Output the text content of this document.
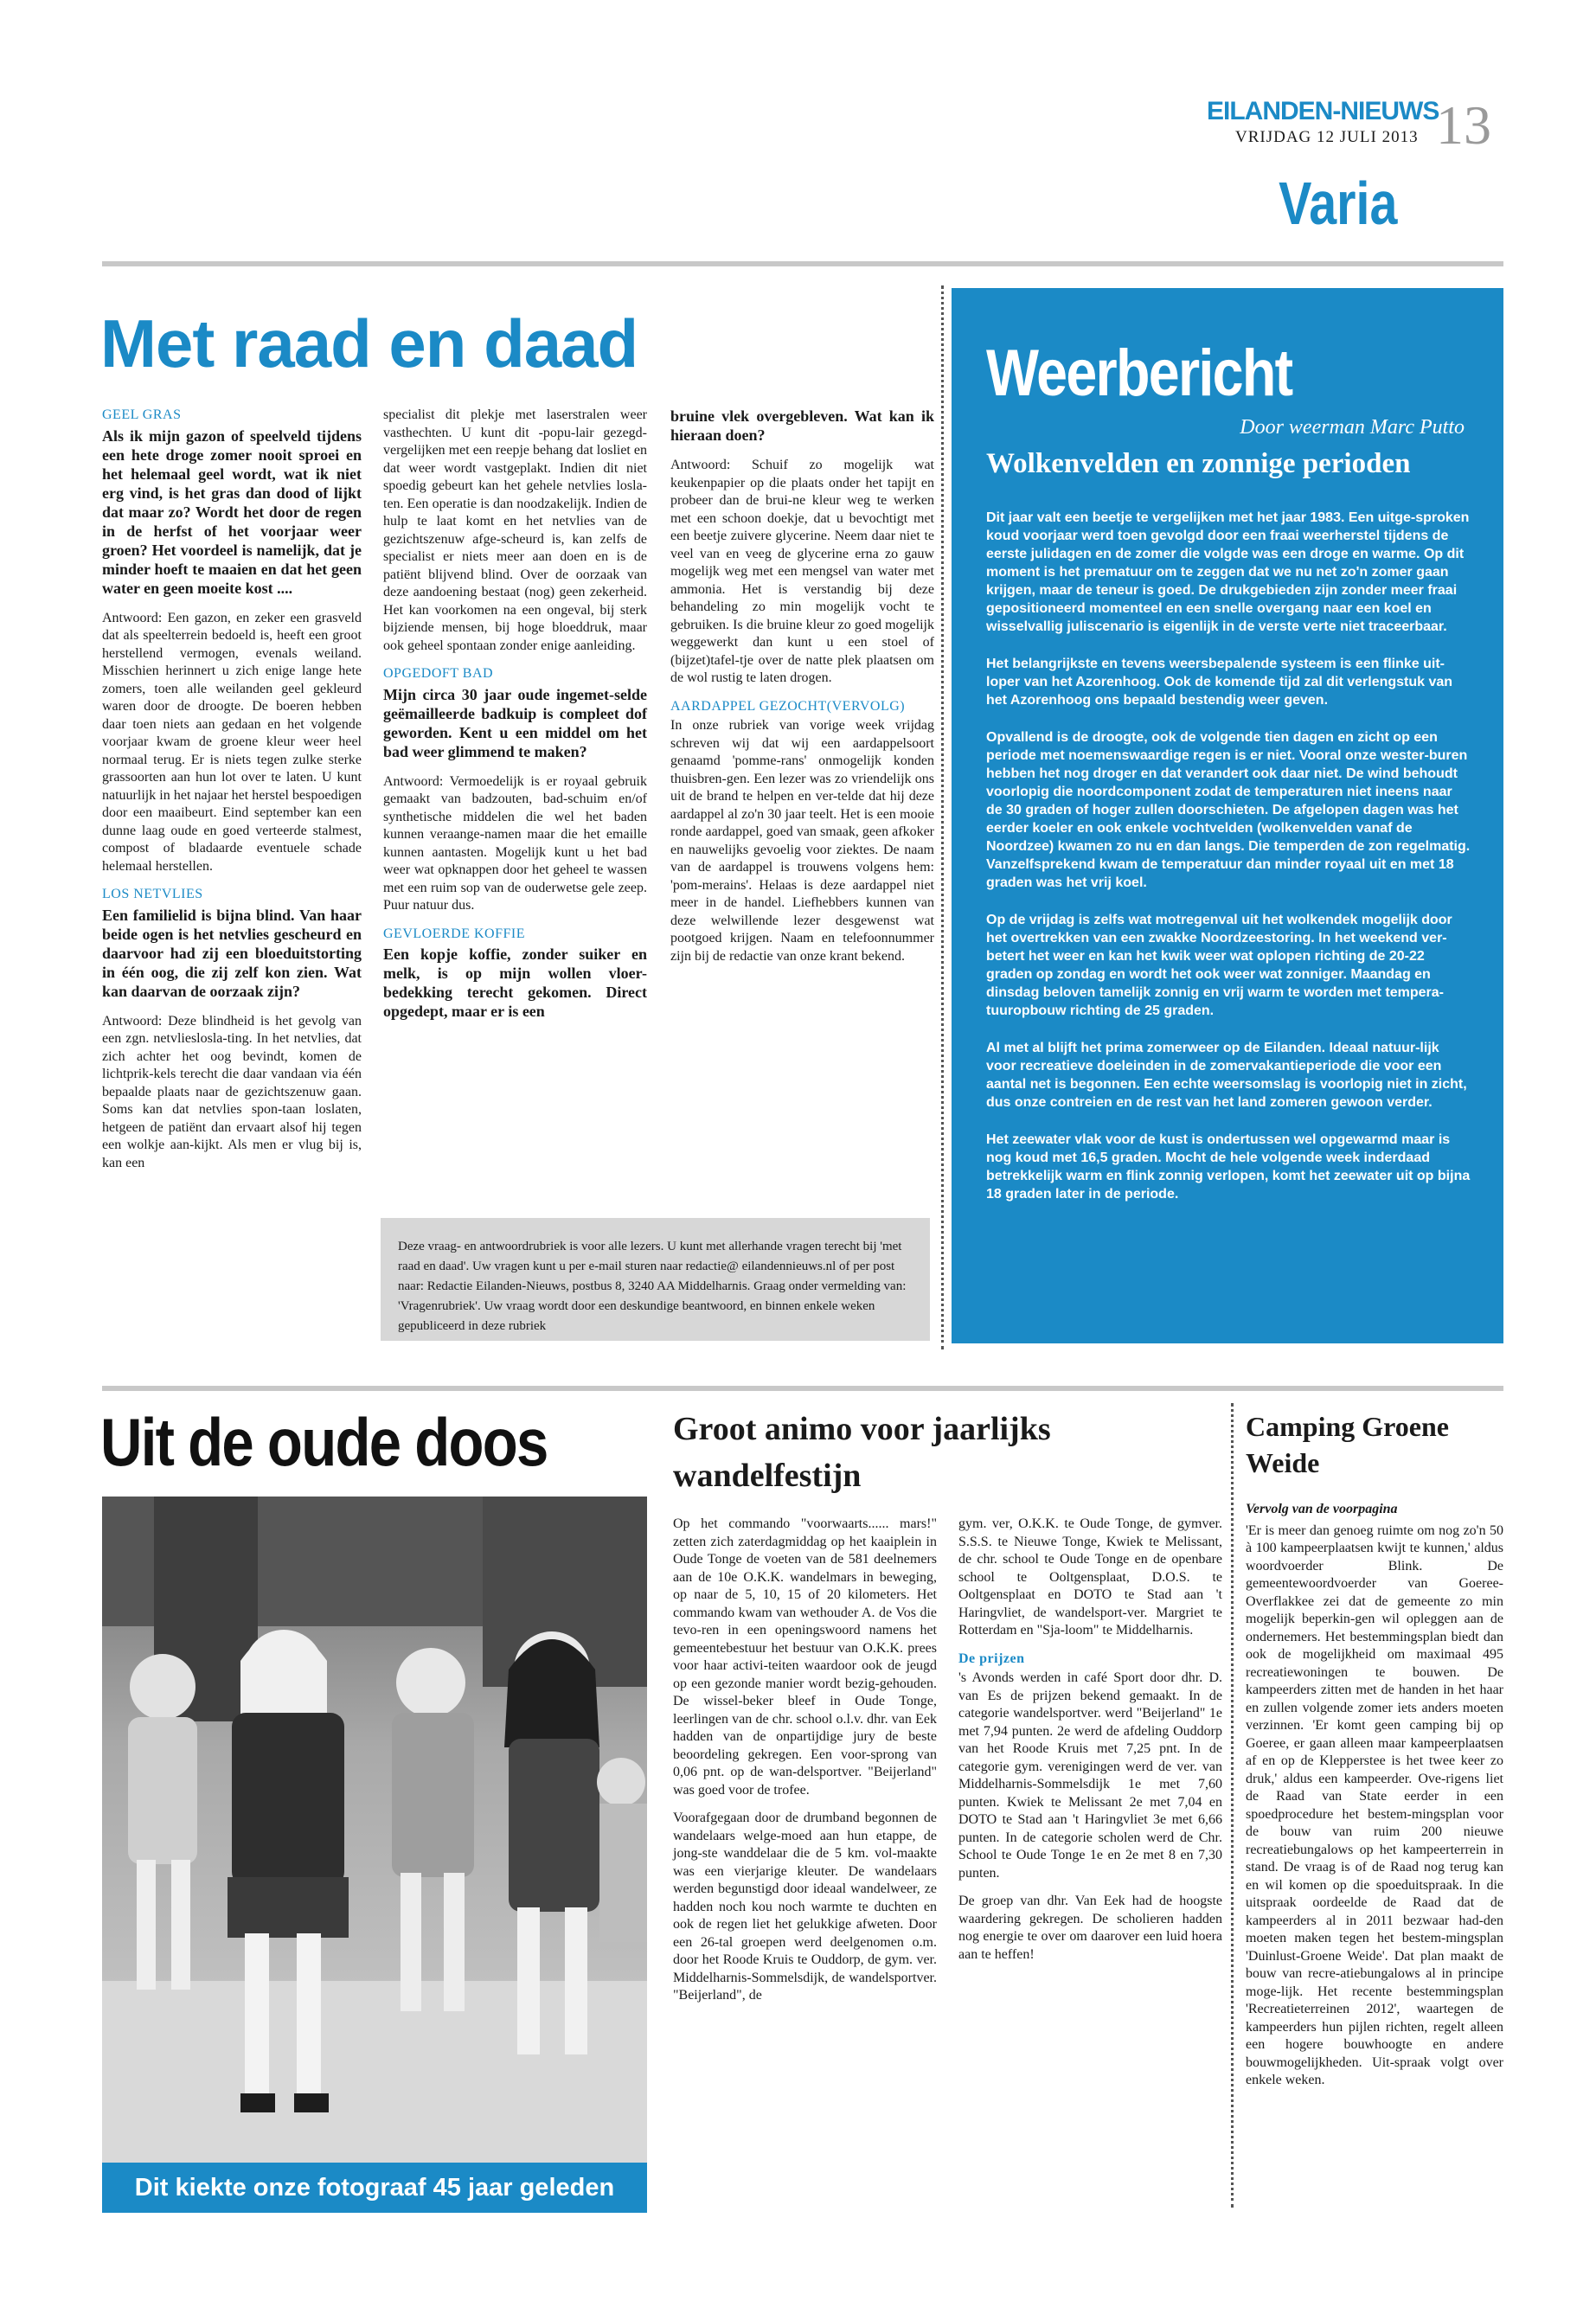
EILANDEN-NIEUWS
VRIJDAG 12 JULI 2013 13
Varia
Met raad en daad
GEEL GRAS
Als ik mijn gazon of speelveld tijdens een hete droge zomer nooit sproei en het helemaal geel wordt, wat ik niet erg vind, is het gras dan dood of lijkt dat maar zo? Wordt het door de regen in de herfst of het voorjaar weer groen? Het voordeel is namelijk, dat je minder hoeft te maaien en dat het geen water en geen moeite kost ....

Antwoord: Een gazon, en zeker een grasveld dat als speelterrein bedoeld is, heeft een groot herstellend vermogen, evenals weiland. Misschien herinnert u zich enige lange hete zomers, toen alle weilanden geel gekleurd waren door de droogte. De boeren hebben daar toen niets aan gedaan en het volgende voorjaar kwam de groene kleur weer heel normaal terug. Er is niets tegen zulke sterke grassoorten aan hun lot over te laten. U kunt natuurlijk in het najaar het herstel bespoedigen door een maaibeurt. Eind september kan een dunne laag oude en goed verteerde stalmest, compost of bladaarde eventuele schade helemaal herstellen.

LOS NETVLIES
Een familielid is bijna blind. Van haar beide ogen is het netvlies gescheurd en daarvoor had zij een bloeduitstorting in één oog, die zij zelf kon zien. Wat kan daarvan de oorzaak zijn?

Antwoord: Deze blindheid is het gevolg van een zgn. netvlieslosla-ting. In het netvlies, dat zich achter het oog bevindt, komen de lichtprik-kels terecht die daar vandaan via één bepaalde plaats naar de gezichtszenuw gaan. Soms kan dat netvlies spon-taan loslaten, hetgeen de patiënt dan ervaart alsof hij tegen een wolkje aan-kijkt. Als men er vlug bij is, kan een

specialist dit plekje met laserstralen weer vasthechten. U kunt dit -popu-lair gezegd- vergelijken met een reepje behang dat losliet en dat weer wordt vastgeplakt. Indien dit niet spoedig gebeurt kan het gehele netvlies losla-ten. Een operatie is dan noodzakelijk. Indien de hulp te laat komt en het netvlies van de gezichtszenuw afge-scheurd is, kan zelfs de specialist er niets meer aan doen en is de patiënt blijvend blind. Over de oorzaak van deze aandoening bestaat (nog) geen zekerheid. Het kan voorkomen na een ongeval, bij sterk bijziende mensen, bij hoge bloeddruk, maar ook geheel spontaan zonder enige aanleiding.

OPGEDOFT BAD
Mijn circa 30 jaar oude ingemet-selde geëmailleerde badkuip is compleet dof geworden. Kent u een middel om het bad weer glimmend te maken?

Antwoord: Vermoedelijk is er royaal gebruik gemaakt van badzouten, bad-schuim en/of synthetische middelen die wel het baden kunnen veraange-namen maar die het emaille kunnen aantasten. Mogelijk kunt u het bad weer wat opknappen door het geheel te wassen met een ruim sop van de ouderwetse gele zeep. Puur natuur dus.

GEVLOERDE KOFFIE
Een kopje koffie, zonder suiker en melk, is op mijn wollen vloer-bedekking terecht gekomen. Direct opgedept, maar er is een
bruine vlek overgebleven. Wat kan ik hieraan doen?

Antwoord: Schuif zo mogelijk wat keukenpapier op die plaats onder het tapijt en probeer dan de brui-ne kleur weg te werken met een schoon doekje, dat u bevochtigt met een beetje zuivere glycerine. Neem daar niet te veel van en veeg de glycerine erna zo gauw mogelijk weg met een mengsel van water met ammonia. Het is verstandig bij deze behandeling zo min mogelijk vocht te gebruiken. Is die bruine kleur zo goed mogelijk weggewerkt dan kunt u een stoel of (bijzet)tafel-tje over de natte plek plaatsen om de wol rustig te laten drogen.

AARDAPPEL GEZOCHT(VERVOLG)

In onze rubriek van vorige week vrijdag schreven wij dat wij een aardappelsoort genaamd 'pomme-rans' onmogelijk konden thuisbren-gen. Een lezer was zo vriendelijk ons uit de brand te helpen en ver-telde dat hij deze aardappel al zo'n 30 jaar teelt. Het is een mooie ronde aardappel, goed van smaak, geen afkoker en nauwelijks gevoelig voor ziektes. De naam van de aardappel is trouwens volgens hem: 'pom-merains'. Helaas is deze aardappel niet meer in de handel. Liefhebbers kunnen van deze welwillende lezer desgewenst wat pootgoed krijgen. Naam en telefoonnummer zijn bij de redactie van onze krant bekend.

Deze vraag- en antwoordrubriek is voor alle lezers. U kunt met allerhande vragen terecht bij 'met raad en daad'. Uw vragen kunt u per e-mail sturen naar redactie@ eilandennieuws.nl of per post naar: Redactie Eilanden-Nieuws, postbus 8, 3240 AA Middelharnis. Graag onder vermelding van: 'Vragenrubriek'. Uw vraag wordt door een deskundige beantwoord, en binnen enkele weken gepubliceerd in deze rubriek
Weerbericht
Door weerman Marc Putto
Wolkenvelden en zonnige perioden

Dit jaar valt een beetje te vergelijken met het jaar 1983. Een uitge-sproken koud voorjaar werd toen gevolgd door een fraai weerherstel tijdens de eerste julidagen en de zomer die volgde was een droge en warme. Op dit moment is het prematuur om te zeggen dat we nu net zo'n zomer gaan krijgen, maar de teneur is goed. De drukgebieden zijn zonder meer fraai gepositioneerd momenteel en een snelle overgang naar een koel en wisselvallig juliscenario is eigenlijk in de verste verte niet traceerbaar.

Het belangrijkste en tevens weersbepalende systeem is een flinke uit-loper van het Azorenhoog. Ook de komende tijd zal dit verlengstuk van het Azorenhoog ons bepaald bestendig weer geven.

Opvallend is de droogte, ook de volgende tien dagen en zicht op een periode met noemenswaardige regen is er niet. Vooral onze wester-buren hebben het nog droger en dat verandert ook daar niet. De wind behoudt voorlopig die noordcomponent zodat de temperaturen niet ineens naar de 30 graden of hoger zullen doorschieten. De afgelopen dagen was het eerder koeler en ook enkele vochtvelden (wolkenvelden vanaf de Noordzee) kwamen zo nu en dan langs. Die temperden de zon regelmatig. Vanzelfsprekend kwam de temperatuur dan minder royaal uit en met 18 graden was het vrij koel.

Op de vrijdag is zelfs wat motregenval uit het wolkendek mogelijk door het overtrekken van een zwakke Noordzeestoring. In het weekend ver-betert het weer en kan het kwik weer wat oplopen richting de 20-22 graden op zondag en wordt het ook weer wat zonniger. Maandag en dinsdag beloven tamelijk zonnig en vrij warm te worden met tempera-tuuropbouw richting de 25 graden.

Al met al blijft het prima zomerweer op de Eilanden. Ideaal natuur-lijk voor recreatieve doeleinden in de zomervakantieperiode die voor een aantal net is begonnen. Een echte weersomslag is voorlopig niet in zicht, dus onze contreien en de rest van het land zomeren gewoon verder.

Het zeewater vlak voor de kust is ondertussen wel opgewarmd maar is nog koud met 16,5 graden. Mocht de hele volgende week inderdaad betrekkelijk warm en flink zonnig verlopen, komt het zeewater uit op bijna 18 graden later in de periode.

Uit de oude doos
Dit kiekte onze fotograaf 45 jaar geleden
Groot animo voor jaarlijks wandelfestijn

Op het commando "voorwaarts...... mars!" zetten zich zaterdagmiddag op het kaaiplein in Oude Tonge de voeten van de 581 deelnemers aan de 10e O.K.K. wandelmars in beweging, op naar de 5, 10, 15 of 20 kilometers. Het commando kwam van wethouder A. de Vos die tevo-ren in een openingswoord namens het gemeentebestuur het bestuur van O.K.K. prees voor haar activi-teiten waardoor ook de jeugd op een gezonde manier wordt bezig-gehouden. De wissel-beker bleef in Oude Tonge, leerlingen van de chr. school o.l.v. dhr. van Eek hadden van de onpartijdige jury de beste beoordeling gekregen. Een voor-sprong van 0,06 pnt. op de wan-delsportver. "Beijerland" was goed voor de trofee.

Voorafgegaan door de drumband begonnen de wandelaars welge-moed aan hun etappe, de jong-ste wanddelaar die de 5 km. vol-maakte was een vierjarige kleuter. De wandelaars werden begunstigd door ideaal wandelweer, ze hadden noch kou noch warmte te duchten en ook de regen liet het gelukkige afweten. Door een 26-tal groepen werd deelgenomen o.m. door het Roode Kruis te Ouddorp, de gym. ver. Middelharnis-Sommelsdijk, de wandelsportver. "Beijerland", de

gym. ver, O.K.K. te Oude Tonge, de gymver. S.S.S. te Nieuwe Tonge, Kwiek te Melissant, de chr. school te Oude Tonge en de openbare school te Ooltgensplaat, D.O.S. te Ooltgensplaat en DOTO te Stad aan 't Haringvliet, de wandelsport-ver. Margriet te Rotterdam en "Sja-loom" te Middelharnis.

De prijzen

's Avonds werden in café Sport door dhr. D. van Es de prijzen bekend gemaakt. In de categorie wandelsportver. werd "Beijerland" 1e met 7,94 punten. 2e werd de afdeling Ouddorp van het Roode Kruis met 7,25 pnt. In de categorie gym. verenigingen werd de ver. van Middelharnis-Sommelsdijk 1e met 7,60 punten. Kwiek te Melissant 2e met 7,04 en DOTO te Stad aan 't Haringvliet 3e met 6,66 punten. In de categorie scholen werd de Chr. School te Oude Tonge 1e en 2e met 8 en 7,30 punten.

De groep van dhr. Van Eek had de hoogste waardering gekregen. De scholieren hadden nog energie te over om daarover een luid hoera aan te heffen!

Camping Groene Weide
Vervolg van de voorpagina

'Er is meer dan genoeg ruimte om nog zo'n 50 à 100 kampeerplaatsen kwijt te kunnen,' aldus woordvoerder Blink. De gemeentewoordvoerder van Goeree-Overflakkee zei dat de gemeente zo min mogelijk beperkin-gen wil opleggen aan de ondernemers. Het bestemmingsplan biedt dan ook de mogelijkheid om maximaal 495 recreatiewoningen te bouwen. De kampeerders zitten met de handen in het haar en zullen volgende zomer iets anders moeten verzinnen. 'Er komt geen camping bij op Goeree, er gaan alleen maar kampeerplaatsen af en op de Klepperstee is het twee keer zo druk,' aldus een kampeerder. Ove-rigens liet de Raad van State eerder in een spoedprocedure het bestem-mingsplan voor de bouw van ruim 200 nieuwe recreatiebungalows op het kampeerterrein in stand. De vraag is of de Raad nog terug kan en wil komen op die spoeduitspraak. In die uitspraak oordeelde de Raad dat de kampeerders al in 2011 bezwaar had-den moeten maken tegen het bestem-mingsplan 'Duinlust-Groene Weide'. Dat plan maakt de bouw van recre-atiebungalows al in principe moge-lijk. Het recente bestemmingsplan 'Recreatieterreinen 2012', waartegen de kampeerders hun pijlen richten, regelt alleen een hogere bouwhoogte en andere bouwmogelijkheden. Uit-spraak volgt over enkele weken.
